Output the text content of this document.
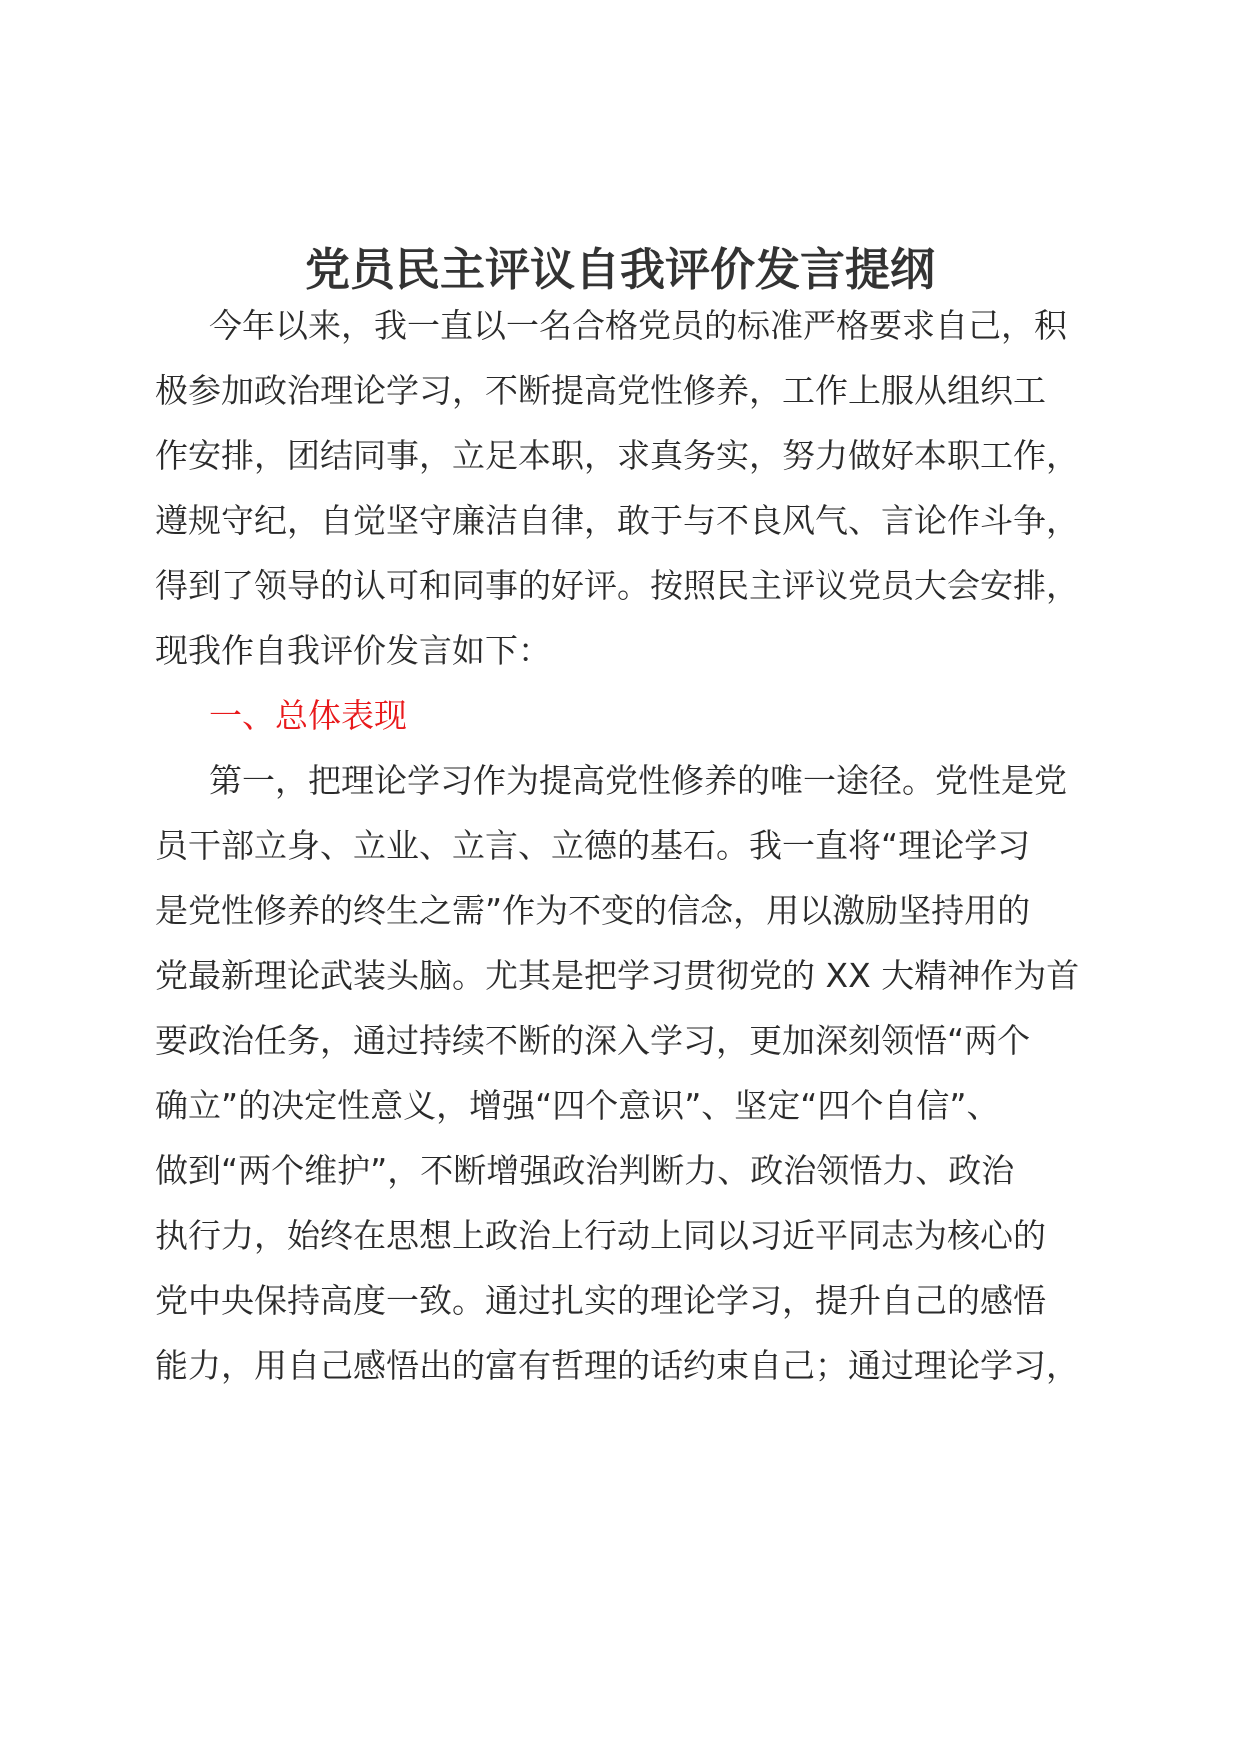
党员民主评议自我评价发言提纲
今年以来，我一直以一名合格党员的标准严格要求自己，积
极参加政治理论学习，不断提高党性修养，工作上服从组织工
作安排，团结同事，立足本职，求真务实，努力做好本职工作，
遵规守纪，自觉坚守廉洁自律，敢于与不良风气、言论作斗争，
得到了领导的认可和同事的好评。按照民主评议党员大会安排，
现我作自我评价发言如下：
一、总体表现
第一，把理论学习作为提高党性修养的唯一途径。党性是党
员干部立身、立业、立言、立德的基石。我一直将“理论学习
是党性修养的终生之需”作为不变的信念，用以激励坚持用的
党最新理论武装头脑。尤其是把学习贯彻党的 XX 大精神作为首
要政治任务，通过持续不断的深入学习，更加深刻领悟“两个
确立”的决定性意义，增强“四个意识”、坚定“四个自信”、
做到“两个维护”，不断增强政治判断力、政治领悟力、政治
执行力，始终在思想上政治上行动上同以习近平同志为核心的
党中央保持高度一致。通过扎实的理论学习，提升自己的感悟
能力，用自己感悟出的富有哲理的话约束自己；通过理论学习，
